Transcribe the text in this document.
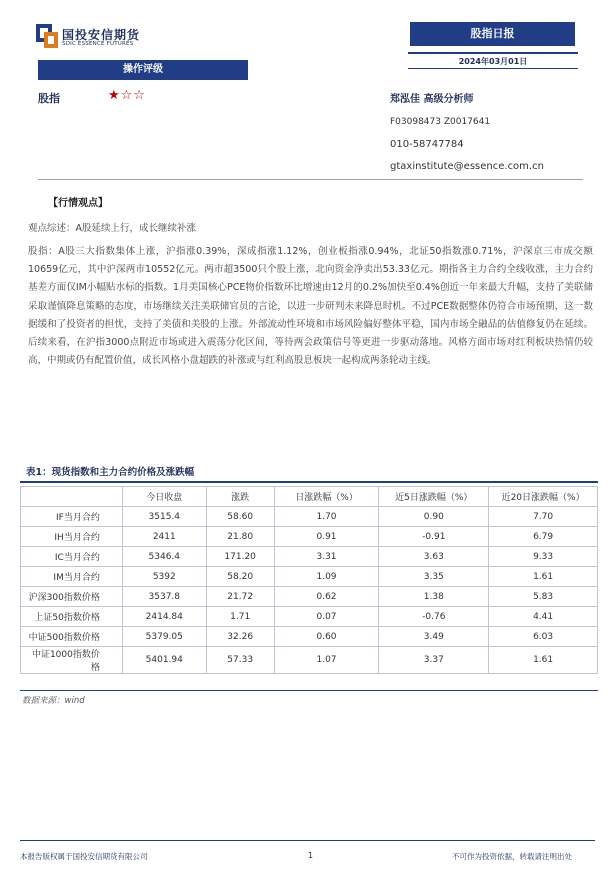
国投安信期货
SDIC ESSENCE FUTURES
股指日报
2024年03月01日
操作评级
股指	★☆☆	郑泓佳 高级分析师
F03098473 Z0017641
010-58747784
gtaxinstitute@essence.com.cn
【行情观点】
观点综述：A股延续上行，成长继续补涨
股指：A股三大指数集体上涨，沪指涨0.39%，深成指涨1.12%，创业板指涨0.94%，北证50指数涨0.71%，沪深京三市成交额10659亿元，其中沪深两市10552亿元。两市超3500只个股上涨，北向资金净卖出53.33亿元。期指各主力合约全线收涨，主力合约基差方面仅IM小幅贴水标的指数。1月美国核心PCE物价指数环比增速由12月的0.2%加快至0.4%创近一年来最大升幅，支持了美联储采取谨慎降息策略的态度，市场继续关注美联储官员的言论，以进一步研判未来降息时机。不过PCE数据整体仍符合市场预期，这一数据缓和了投资者的担忧，支持了美债和美股的上涨。外部流动性环境和市场风险偏好整体平稳，国内市场全融品的估值修复仍在延续。后续来看，在沪指3000点附近市场或进入震荡分化区间，等待两会政策信号等更进一步驱动落地。风格方面市场对红利板块热情仍较高，中期或仍有配置价值，成长风格小盘超跌的补涨或与红利高股息板块一起构成两条轮动主线。
表1：现货指数和主力合约价格及涨跌幅
	今日收盘	涨跌	日涨跌幅（%）	近5日涨跌幅（%）	近20日涨跌幅（%）
IF当月合约	3515.4	58.60	1.70	0.90	7.70
IH当月合约	2411	21.80	0.91	-0.91	6.79
IC当月合约	5346.4	171.20	3.31	3.63	9.33
IM当月合约	5392	58.20	1.09	3.35	1.61
沪深300指数价格	3537.8	21.72	0.62	1.38	5.83
上证50指数价格	2414.84	1.71	0.07	-0.76	4.41
中证500指数价格	5379.05	32.26	0.60	3.49	6.03
中证1000指数价格	5401.94	57.33	1.07	3.37	1.61
数据来源：wind
本报告版权属于国投安信期货有限公司	1	不可作为投资依据，转载请注明出处
